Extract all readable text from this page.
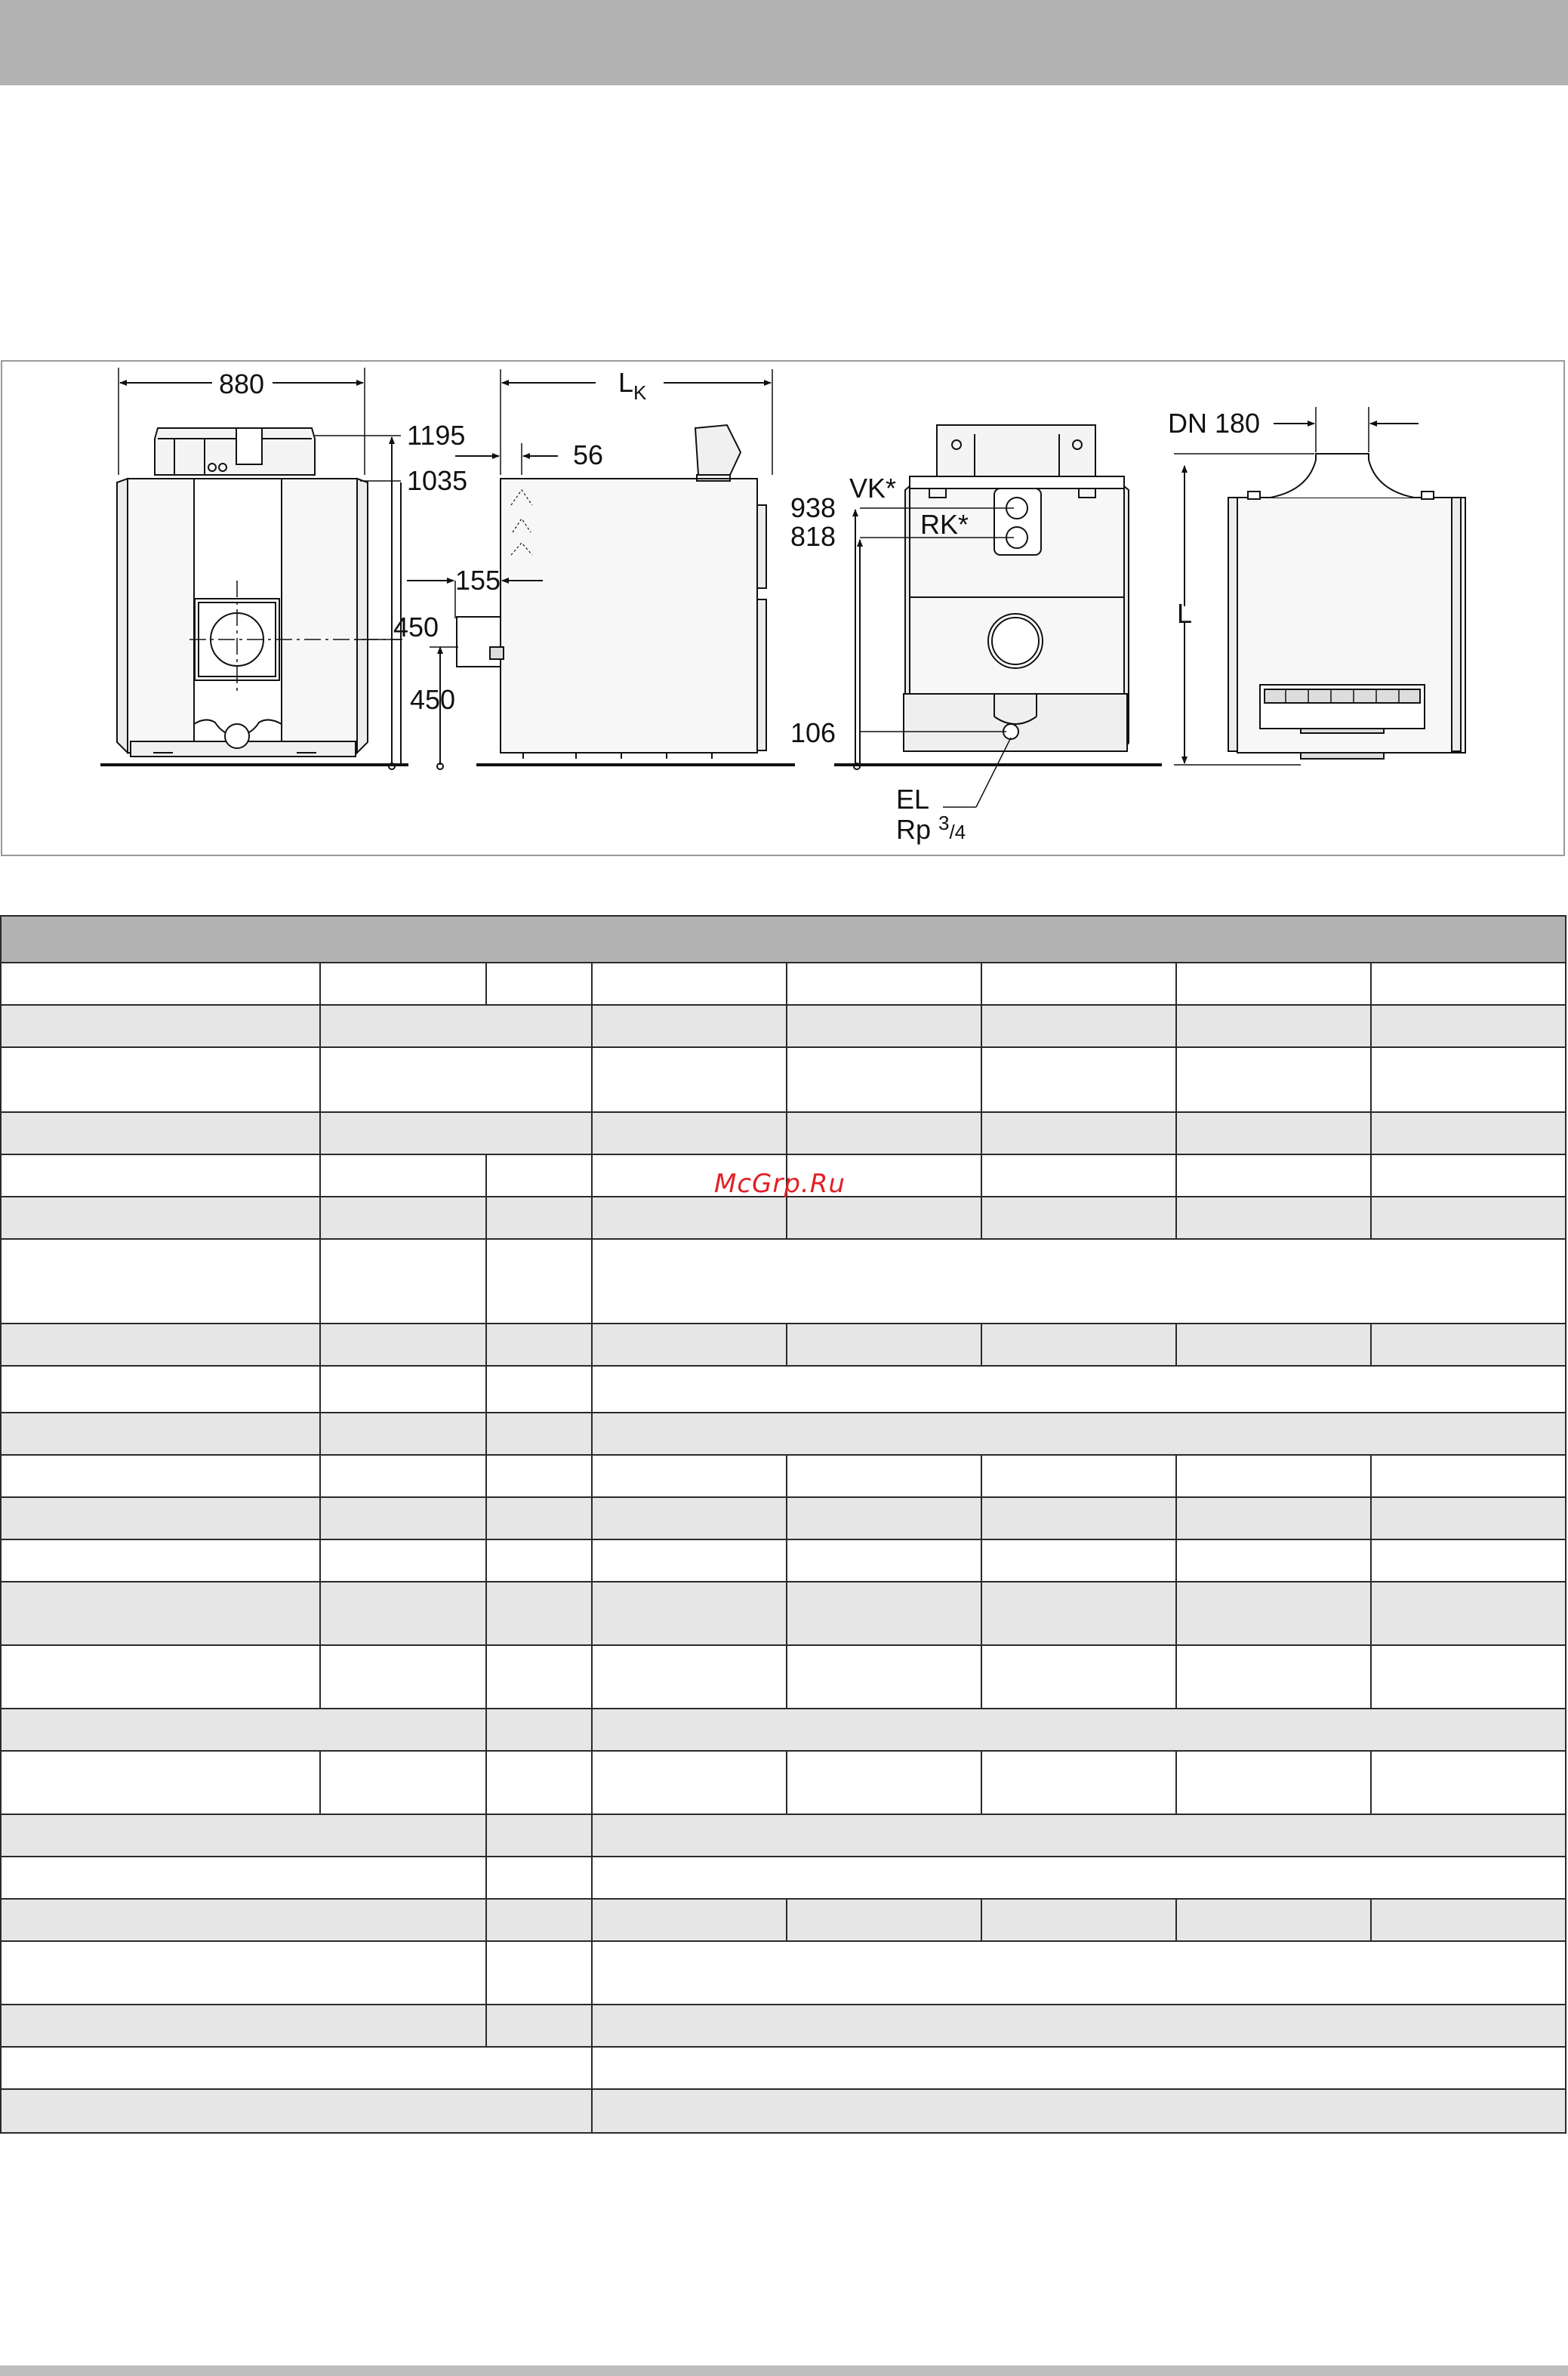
880
1195
1035
450
450
155
56
$L_K$
VK*
938
RK*
818
106
EL
Rp $^3_{/4}$
DN 180
L
McGrp.Ru
